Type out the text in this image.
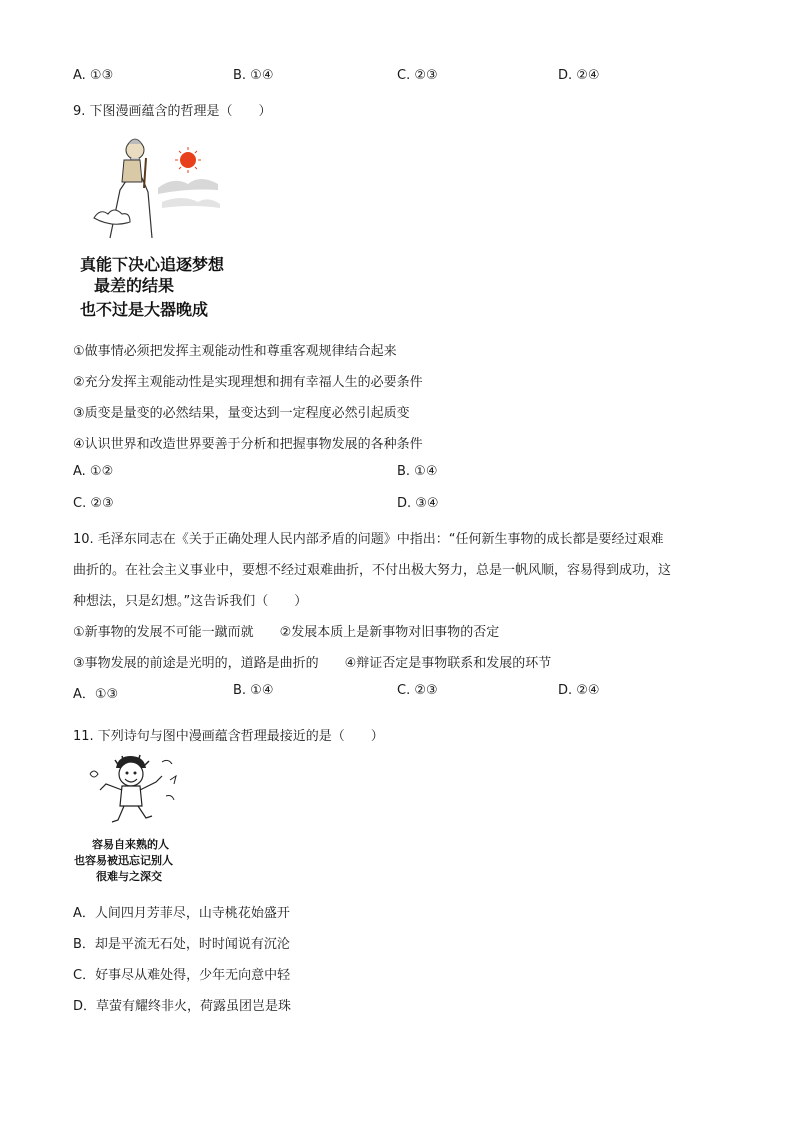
A. ①③	B. ①④	C. ②③	D. ②④
9. 下图漫画蕴含的哲理是（　　）
真能下决心追逐梦想
最差的结果
也不过是大器晚成
①做事情必须把发挥主观能动性和尊重客观规律结合起来
②充分发挥主观能动性是实现理想和拥有幸福人生的必要条件
③质变是量变的必然结果，量变达到一定程度必然引起质变
④认识世界和改造世界要善于分析和把握事物发展的各种条件
A. ①②	B. ①④
C. ②③	D. ③④
10. 毛泽东同志在《关于正确处理人民内部矛盾的问题》中指出：“任何新生事物的成长都是要经过艰难
曲折的。在社会主义事业中，要想不经过艰难曲折，不付出极大努力，总是一帆风顺，容易得到成功，这
种想法，只是幻想。”这告诉我们（　　）
①新事物的发展不可能一蹴而就　　②发展本质上是新事物对旧事物的否定
③事物发展的前途是光明的，道路是曲折的　　④辩证否定是事物联系和发展的环节
A．①③	B. ①④	C. ②③	D. ②④
11. 下列诗句与图中漫画蕴含哲理最接近的是（　　）
容易自来熟的人
也容易被迅忘记别人
很难与之深交
A．人间四月芳菲尽，山寺桃花始盛开
B．却是平流无石处，时时闻说有沉沦
C．好事尽从难处得，少年无向意中轻
D．草萤有耀终非火，荷露虽团岂是珠
